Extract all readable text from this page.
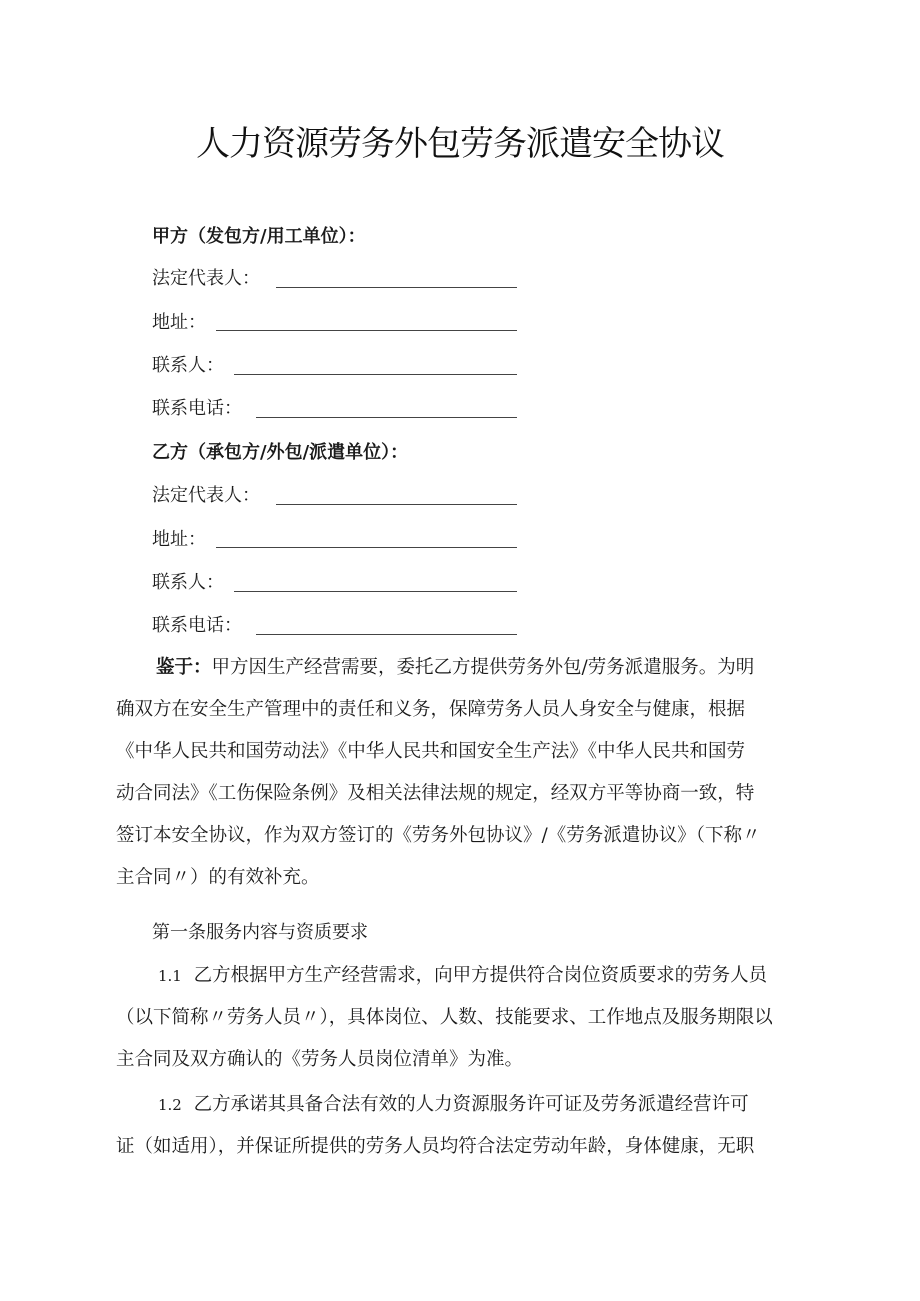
人力资源劳务外包劳务派遣安全协议
甲方（发包方/用工单位）：
法定代表人：
地址：
联系人：
联系电话：
乙方（承包方/外包/派遣单位）：
法定代表人：
地址：
联系人：
联系电话：
鉴于：甲方因生产经营需要，委托乙方提供劳务外包/劳务派遣服务。为明
确双方在安全生产管理中的责任和义务，保障劳务人员人身安全与健康，根据
《中华人民共和国劳动法》《中华人民共和国安全生产法》《中华人民共和国劳
动合同法》《工伤保险条例》及相关法律法规的规定，经双方平等协商一致，特
签订本安全协议，作为双方签订的《劳务外包协议》/《劳务派遣协议》（下称〃
主合同〃）的有效补充。
第一条服务内容与资质要求
1.1 乙方根据甲方生产经营需求，向甲方提供符合岗位资质要求的劳务人员
（以下简称〃劳务人员〃），具体岗位、人数、技能要求、工作地点及服务期限以
主合同及双方确认的《劳务人员岗位清单》为准。
1.2 乙方承诺其具备合法有效的人力资源服务许可证及劳务派遣经营许可
证（如适用），并保证所提供的劳务人员均符合法定劳动年龄，身体健康，无职
